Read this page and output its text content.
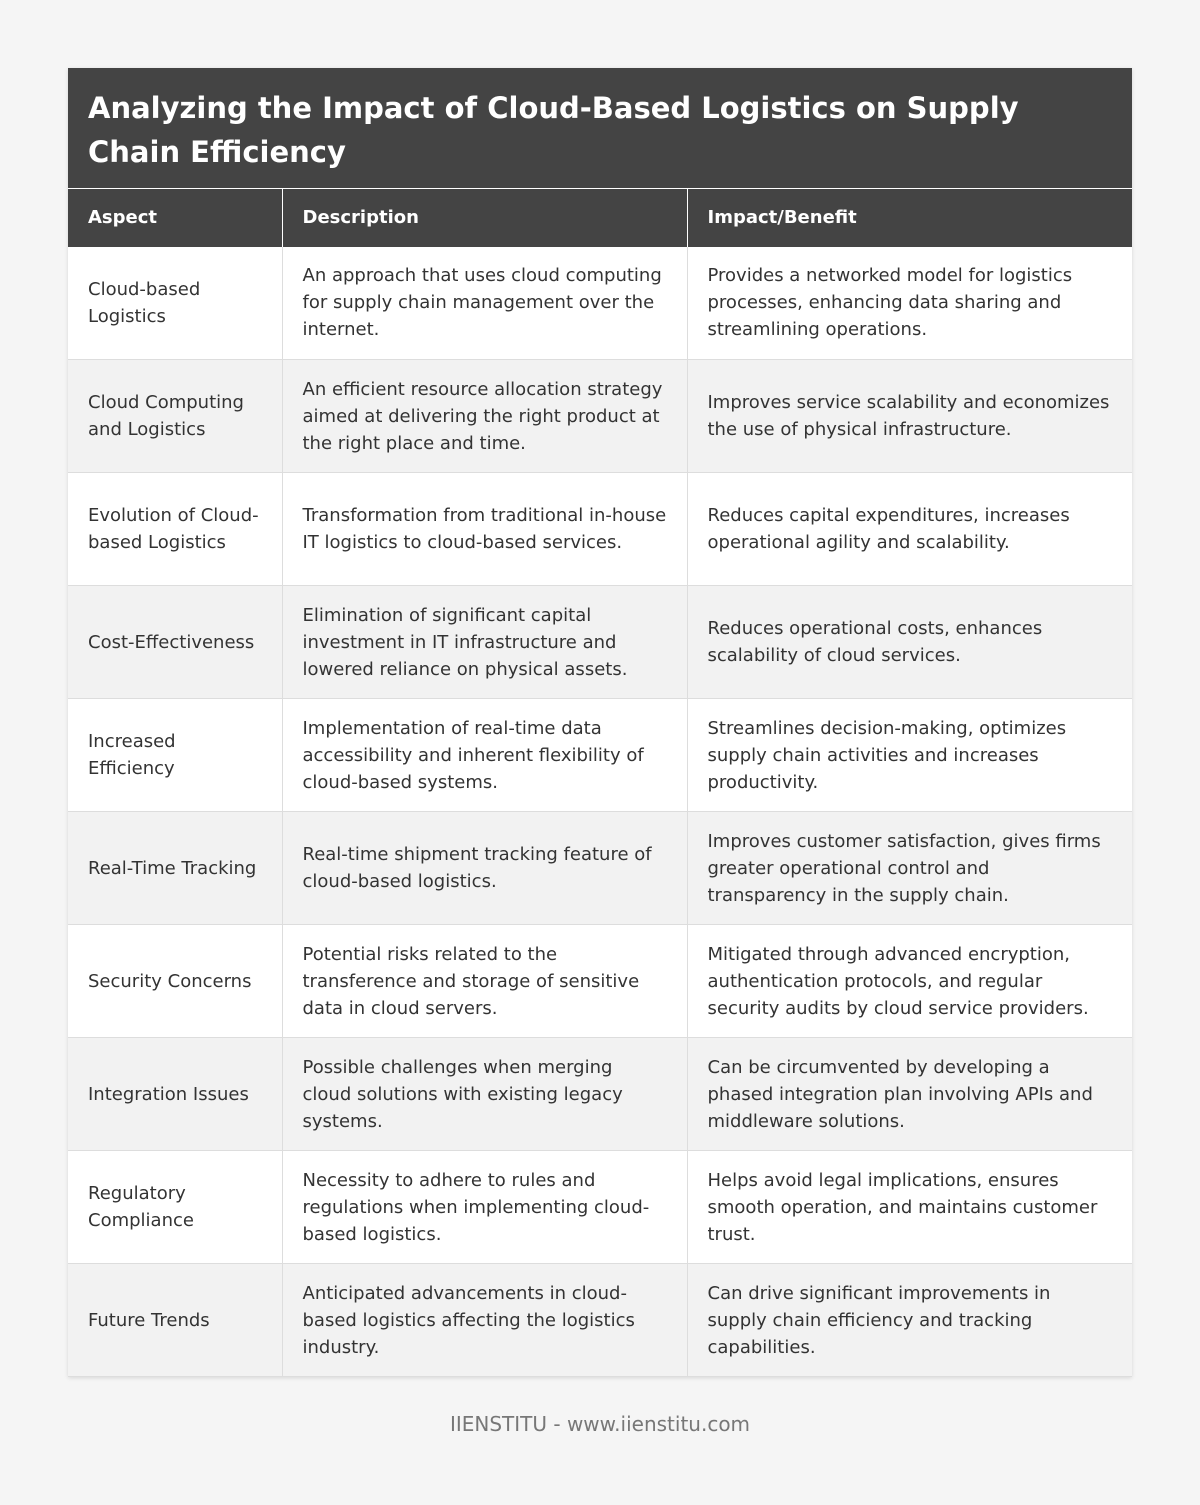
Analyzing the Impact of Cloud-Based Logistics on Supply Chain Efficiency
Aspect	Description	Impact/Benefit
Cloud-based Logistics	An approach that uses cloud computing for supply chain management over the internet.	Provides a networked model for logistics processes, enhancing data sharing and streamlining operations.
Cloud Computing and Logistics	An efficient resource allocation strategy aimed at delivering the right product at the right place and time.	Improves service scalability and economizes the use of physical infrastructure.
Evolution of Cloud-based Logistics	Transformation from traditional in-house IT logistics to cloud-based services.	Reduces capital expenditures, increases operational agility and scalability.
Cost-Effectiveness	Elimination of significant capital investment in IT infrastructure and lowered reliance on physical assets.	Reduces operational costs, enhances scalability of cloud services.
Increased Efficiency	Implementation of real-time data accessibility and inherent flexibility of cloud-based systems.	Streamlines decision-making, optimizes supply chain activities and increases productivity.
Real-Time Tracking	Real-time shipment tracking feature of cloud-based logistics.	Improves customer satisfaction, gives firms greater operational control and transparency in the supply chain.
Security Concerns	Potential risks related to the transference and storage of sensitive data in cloud servers.	Mitigated through advanced encryption, authentication protocols, and regular security audits by cloud service providers.
Integration Issues	Possible challenges when merging cloud solutions with existing legacy systems.	Can be circumvented by developing a phased integration plan involving APIs and middleware solutions.
Regulatory Compliance	Necessity to adhere to rules and regulations when implementing cloud-based logistics.	Helps avoid legal implications, ensures smooth operation, and maintains customer trust.
Future Trends	Anticipated advancements in cloud-based logistics affecting the logistics industry.	Can drive significant improvements in supply chain efficiency and tracking capabilities.
IIENSTITU - www.iienstitu.com
